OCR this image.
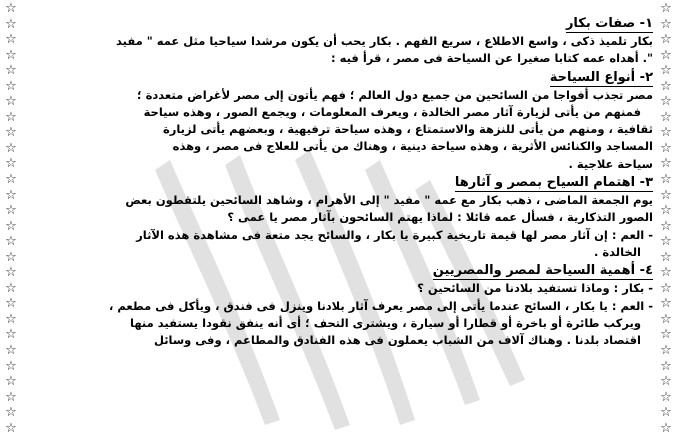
☆
☆
☆
☆
☆
☆
☆
☆
☆
☆
☆
☆
☆
☆
☆
☆
☆
☆
☆
☆
☆
☆
☆
☆
☆
☆
☆
☆
☆
☆
☆
☆
☆
☆
☆
☆
☆
☆
☆
☆
☆
☆
☆
☆
☆
☆
☆
☆
☆
☆
☆
☆
☆
☆
☆
☆
١- صفات بكار

بكار تلميذ ذكى ، واسع الاطلاع ، سريع الفهم . بكار يحب أن يكون مرشدا سياحيا مثل عمه " مفيد

". أهداه عمه كتابا صغيرا عن السياحة فى مصر ، قرأ فيه :

٢- أنواع السياحة

مصر تجذب أفواجا من السائحين من جميع دول العالم ؛ فهم يأتون إلى مصر لأغراض متعددة ؛

فمنهم من يأتى لزيارة آثار مصر الخالدة ، ويعرف المعلومات ، ويجمع الصور ، وهذه سياحة

ثقافية ، ومنهم من يأتى للنزهة والاستمتاع ، وهذه سياحة ترفيهية ، وبعضهم يأتى لزيارة

المساجد والكنائس الأثرية ، وهذه سياحة دينية ، وهناك من يأتى للعلاج فى مصر ، وهذه

سياحة علاجية .

٣- اهتمام السياح بمصر و آثارها

يوم الجمعة الماضى ، ذهب بكار مع عمه " مفيد " إلى الأهرام ، وشاهد السائحين يلتقطون بعض

الصور التذكارية ، فسأل عمه قائلا : لماذا يهتم السائحون بآثار مصر يا عمى ؟

- العم : إن آثار مصر لها قيمة تاريخية كبيرة يا بكار ، والسائح يجد متعة فى مشاهدة هذه الآثار

الخالدة .

٤- أهمية السياحة لمصر والمصريين

- بكار : وماذا تستفيد بلادنا من السائحين ؟

- العم : يا بكار ، السائح عندما يأتى إلى مصر يعرف آثار بلادنا وينزل فى فندق ، ويأكل فى مطعم ،

ويركب طائرة أو باخرة أو قطارا أو سيارة ، ويشترى التحف ؛ أى أنه ينفق نقودا يستفيد منها

اقتصاد بلدنا . وهناك آلاف من الشباب يعملون فى هذه الفنادق والمطاعم ، وفى وسائل
